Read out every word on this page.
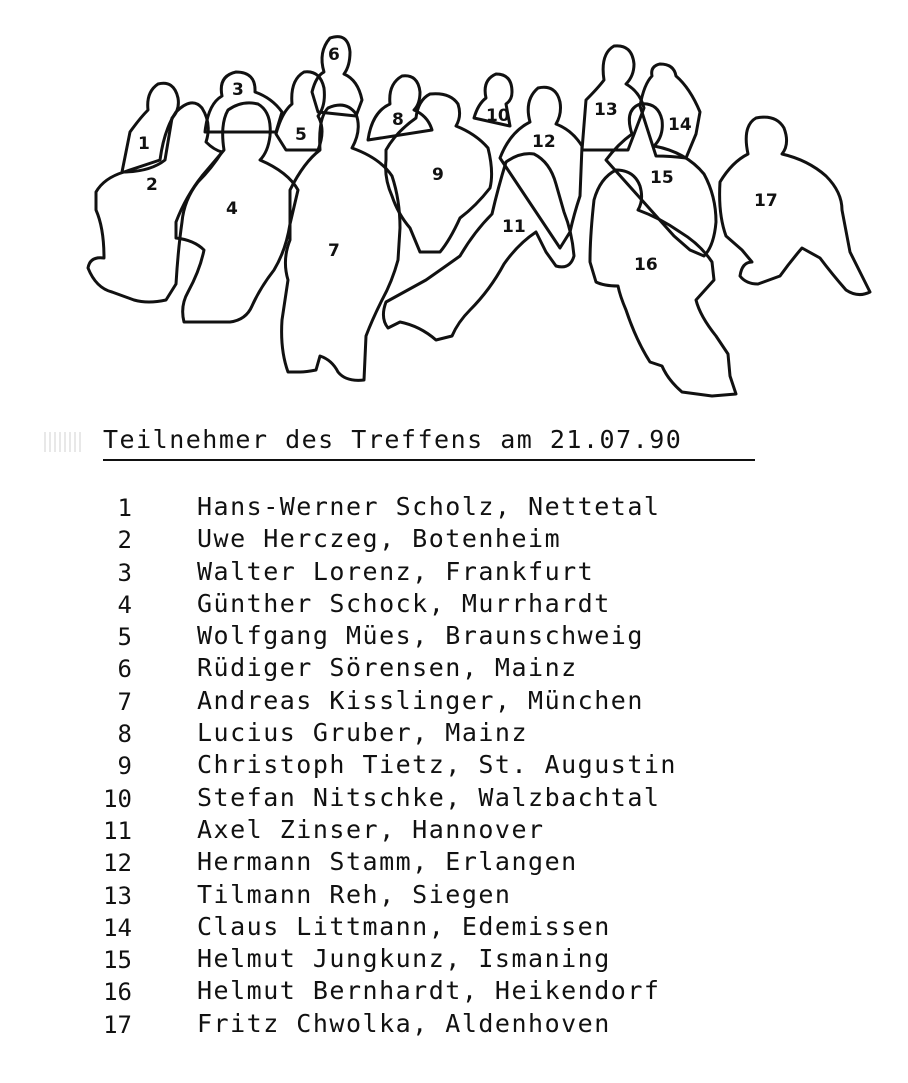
1
2
3
4
5
6
7
8
9
10
11
12
13
14
15
16
17
Teilnehmer des Treffens am 21.07.90
1	Hans-Werner Scholz, Nettetal
2	Uwe Herczeg, Botenheim
3	Walter Lorenz, Frankfurt
4	Günther Schock, Murrhardt
5	Wolfgang Mües, Braunschweig
6	Rüdiger Sörensen, Mainz
7	Andreas Kisslinger, München
8	Lucius Gruber, Mainz
9	Christoph Tietz, St. Augustin
10	Stefan Nitschke, Walzbachtal
11	Axel Zinser, Hannover
12	Hermann Stamm, Erlangen
13	Tilmann Reh, Siegen
14	Claus Littmann, Edemissen
15	Helmut Jungkunz, Ismaning
16	Helmut Bernhardt, Heikendorf
17	Fritz Chwolka, Aldenhoven
